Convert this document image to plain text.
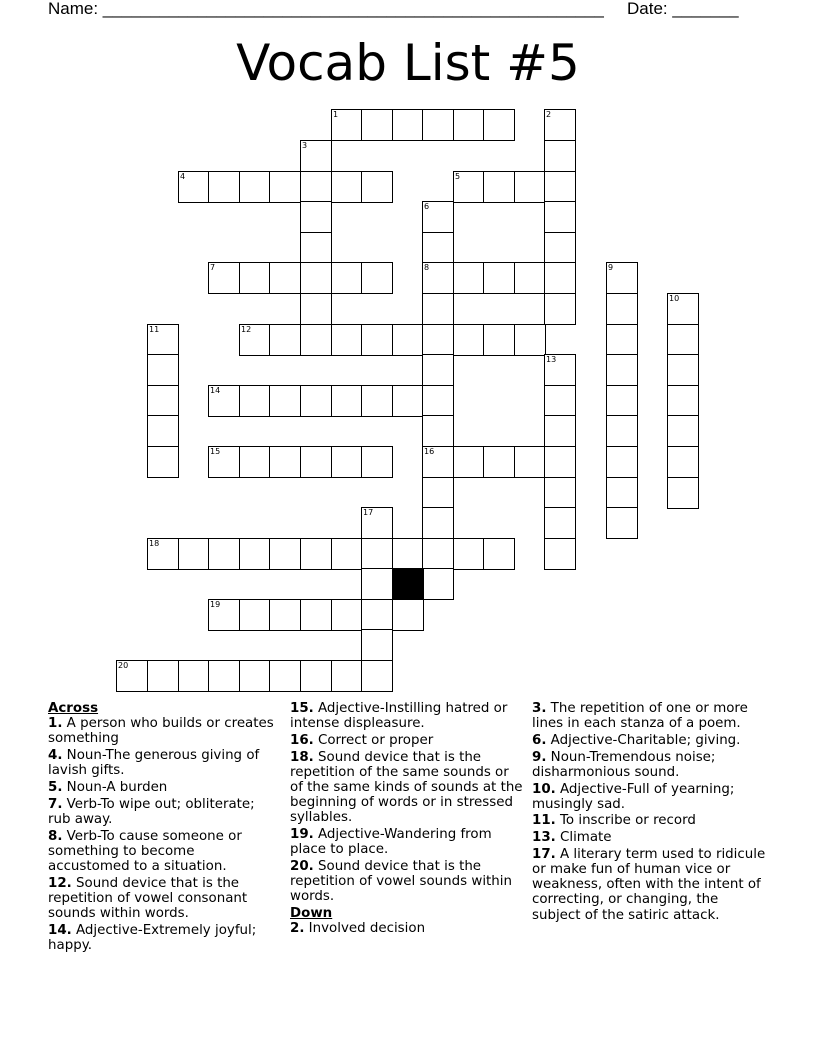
Name: _____________________________________________________ Date: _______
Vocab List #5
1	2
3
4	5
6
7	8	9
10
11	12
13
14
15	16
17
18
19
20
Across
1. A person who builds or creates something
4. Noun-The generous giving of lavish gifts.
5. Noun-A burden
7. Verb-To wipe out; obliterate; rub away.
8. Verb-To cause someone or something to become accustomed to a situation.
12. Sound device that is the repetition of vowel consonant sounds within words.
14. Adjective-Extremely joyful; happy.
15. Adjective-Instilling hatred or intense displeasure.
16. Correct or proper
18. Sound device that is the repetition of the same sounds or of the same kinds of sounds at the beginning of words or in stressed syllables.
19. Adjective-Wandering from place to place.
20. Sound device that is the repetition of vowel sounds within words.
Down
2. Involved decision
3. The repetition of one or more lines in each stanza of a poem.
6. Adjective-Charitable; giving.
9. Noun-Tremendous noise; disharmonious sound.
10. Adjective-Full of yearning; musingly sad.
11. To inscribe or record
13. Climate
17. A literary term used to ridicule or make fun of human vice or weakness, often with the intent of correcting, or changing, the subject of the satiric attack.
